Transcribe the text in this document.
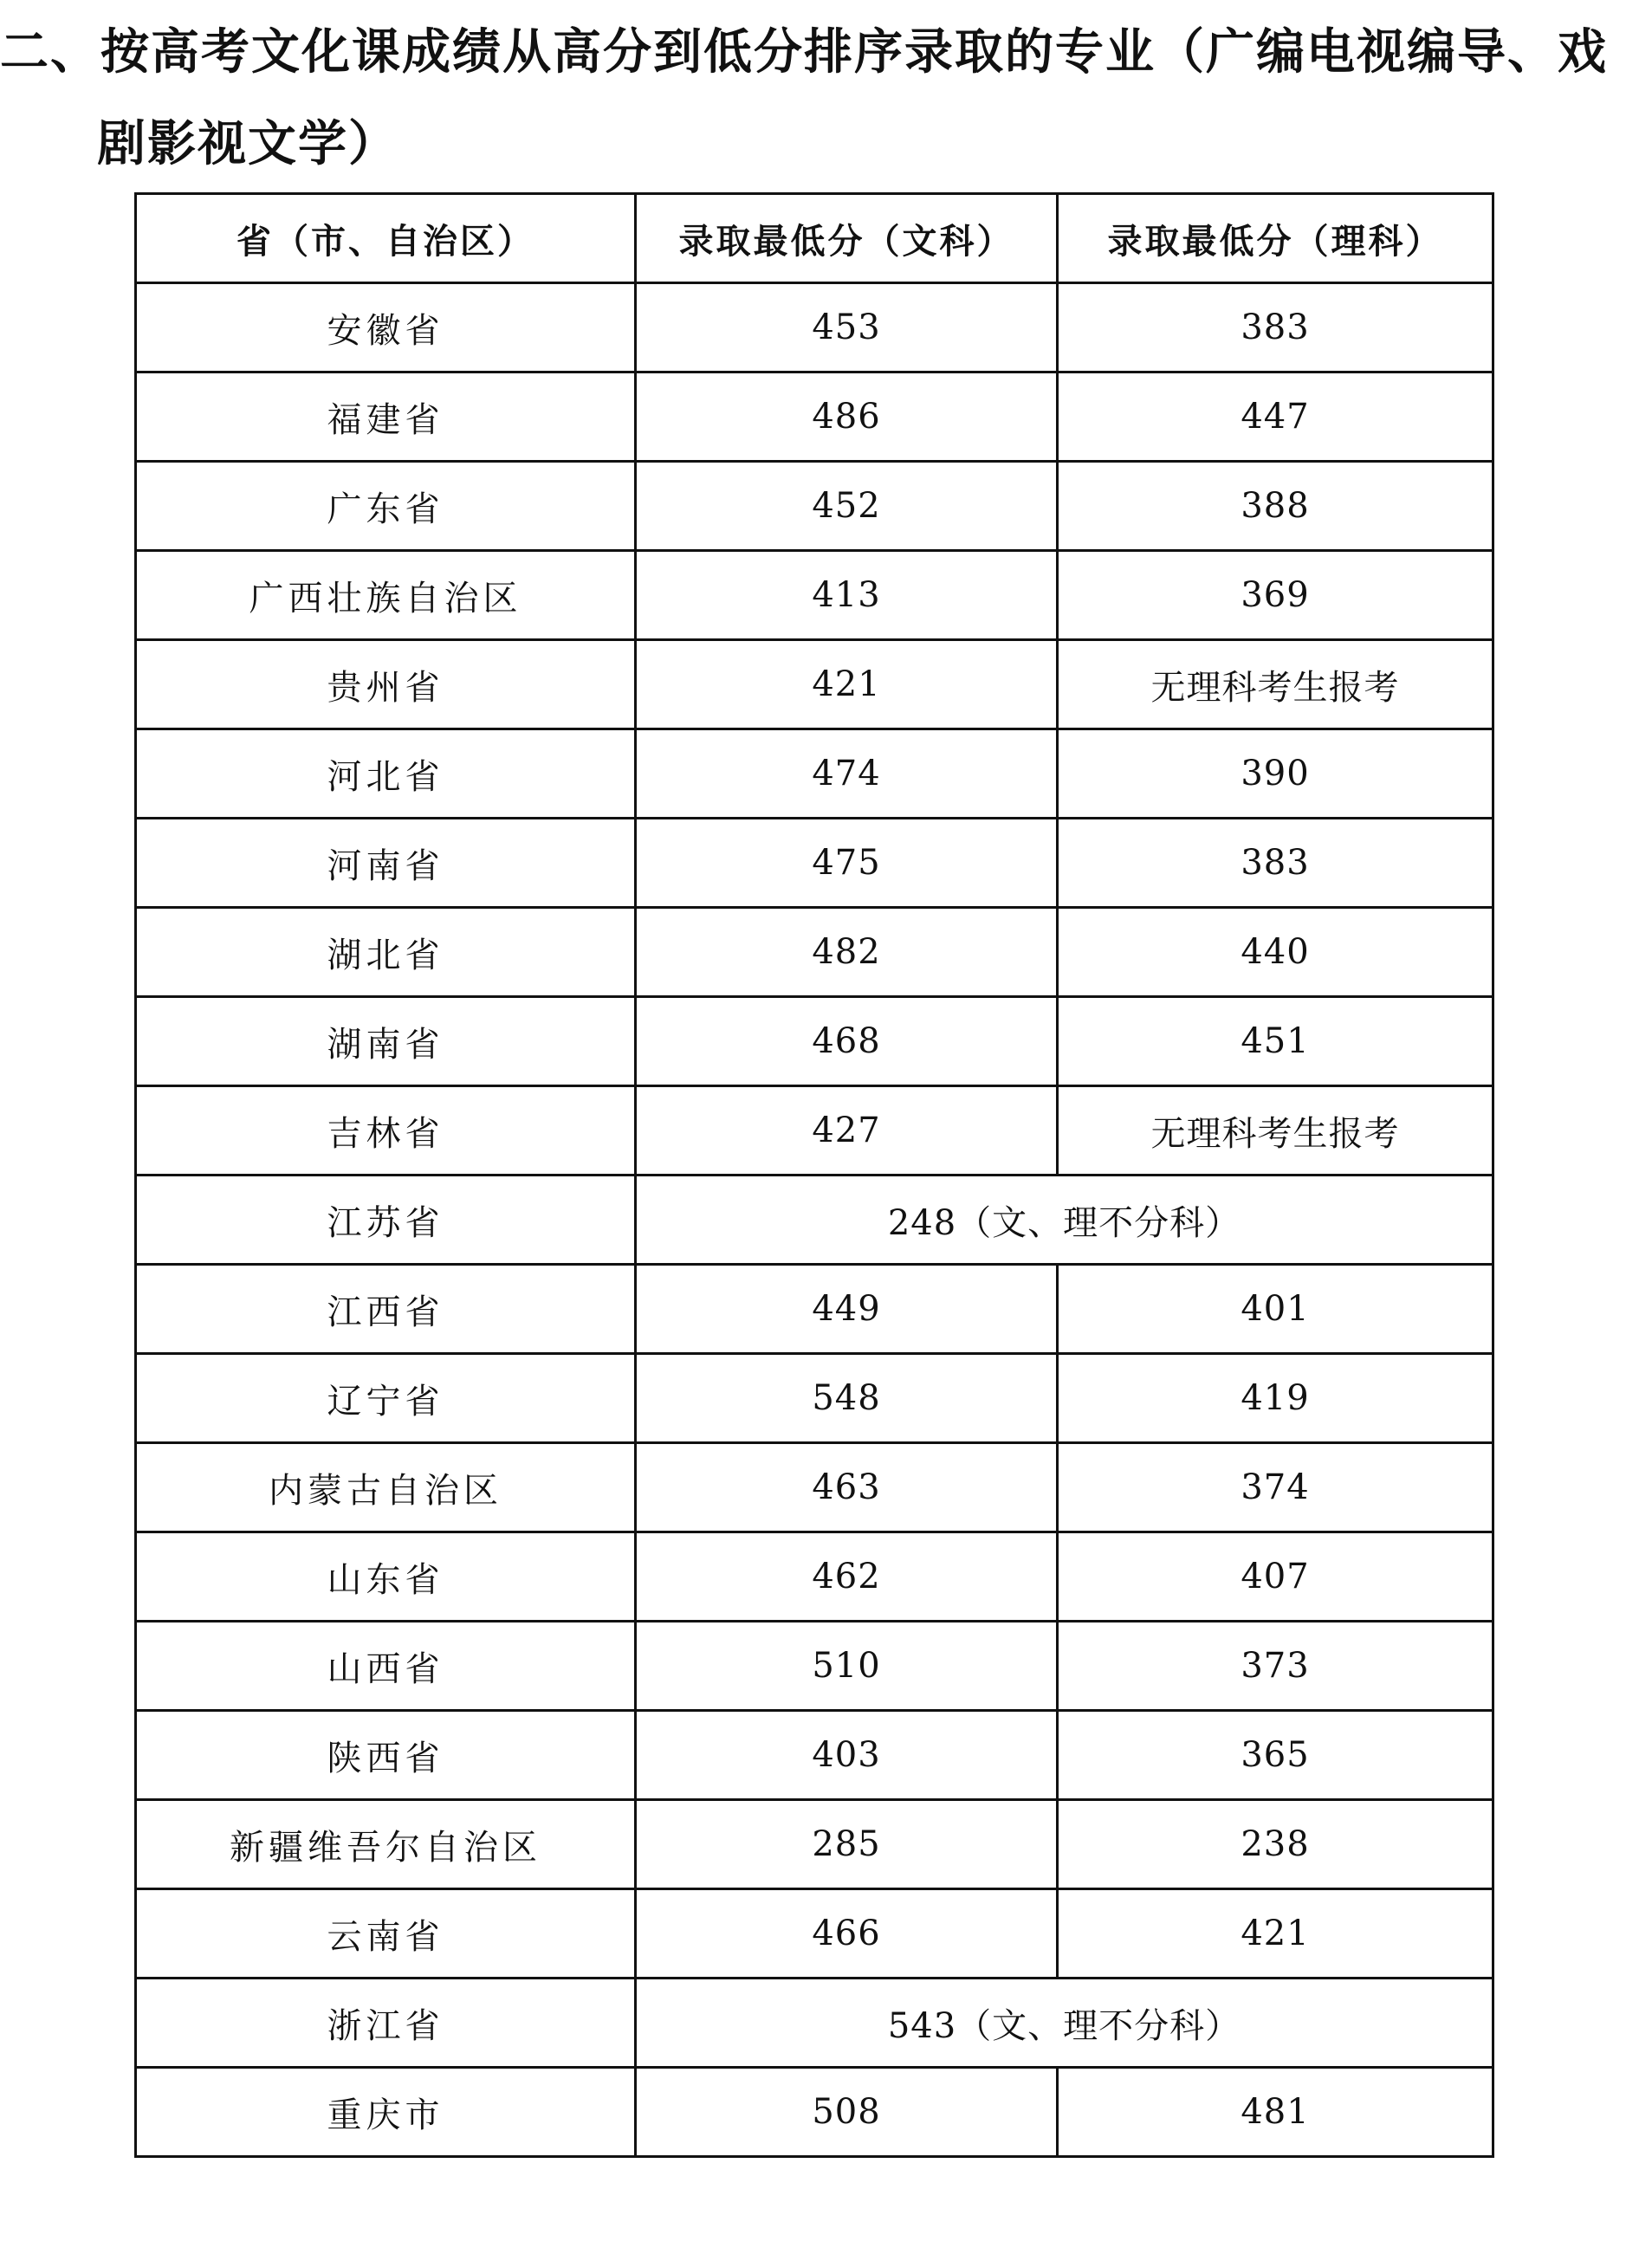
二、按高考文化课成绩从高分到低分排序录取的专业（广编电视编导、戏
剧影视文学）
省（市、自治区）	录取最低分（文科）	录取最低分（理科）
安徽省	453	383
福建省	486	447
广东省	452	388
广西壮族自治区	413	369
贵州省	421	无理科考生报考
河北省	474	390
河南省	475	383
湖北省	482	440
湖南省	468	451
吉林省	427	无理科考生报考
江苏省	248（文、理不分科）	
江西省	449	401
辽宁省	548	419
内蒙古自治区	463	374
山东省	462	407
山西省	510	373
陕西省	403	365
新疆维吾尔自治区	285	238
云南省	466	421
浙江省	543（文、理不分科）	
重庆市	508	481
